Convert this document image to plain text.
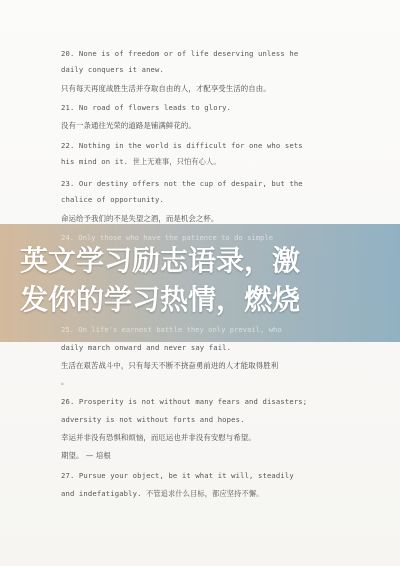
20. None is of freedom or of life deserving unless he
daily conquers it anew.
只有每天再度战胜生活并夺取自由的人，才配享受生活的自由。
21. No road of flowers leads to glory.
没有一条通往光荣的道路是铺满鲜花的。
22. Nothing in the world is difficult for one who sets
his mind on it. 世上无难事，只怕有心人。
23. Our destiny offers not the cup of despair, but the
chalice of opportunity.
命运给予我们的不是失望之酒，而是机会之杯。
daily march onward and never say fail.
生活在艰苦战斗中，只有每天不断不挠奋勇前进的人才能取得胜利
。
26. Prosperity is not without many fears and disasters;
adversity is not without forts and hopes.
幸运并非没有恐惧和烦恼，而厄运也并非没有安慰与希望。
期望。 — 培根
27. Pursue your object, be it what it will, steadily
and indefatigably. 不管追求什么目标，都应坚持不懈。
24. Only those who have the patience to do simple
25. On life's earnest battle they only prevail, who
英文学习励志语录，激
发你的学习热情，燃烧
